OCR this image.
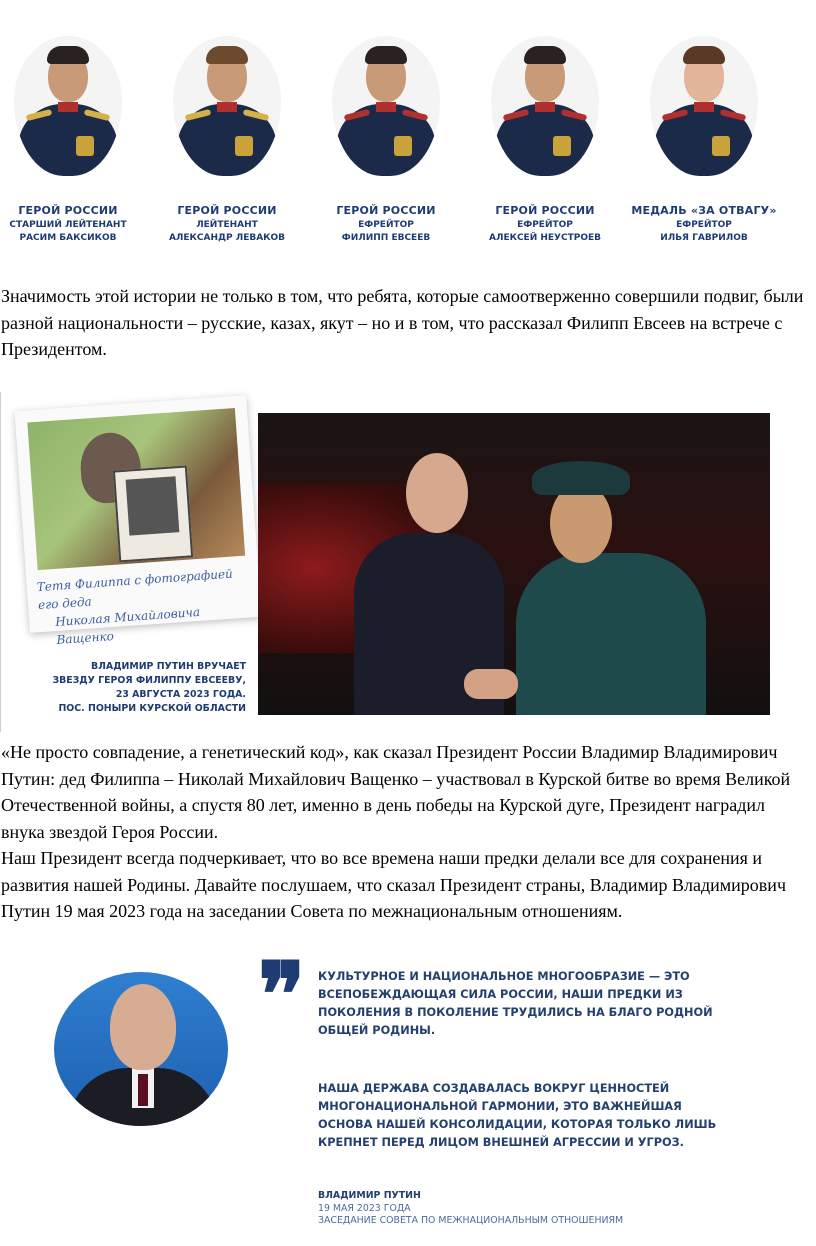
ГЕРОЙ РОССИИ
СТАРШИЙ ЛЕЙТЕНАНТ
РАСИМ БАКСИКОВ
ГЕРОЙ РОССИИ
ЛЕЙТЕНАНТ
АЛЕКСАНДР ЛЕВАКОВ
ГЕРОЙ РОССИИ
ЕФРЕЙТОР
ФИЛИПП ЕВСЕЕВ
ГЕРОЙ РОССИИ
ЕФРЕЙТОР
АЛЕКСЕЙ НЕУСТРОЕВ
МЕДАЛЬ «ЗА ОТВАГУ»
ЕФРЕЙТОР
ИЛЬЯ ГАВРИЛОВ

Значимость этой истории не только в том, что ребята, которые самоотверженно совершили подвиг, были разной национальности – русские, казах, якут – но и в том, что рассказал Филипп Евсеев на встрече с Президентом.

Тетя Филиппа с фотографией его деда
Николая Михайловича Ващенко
ВЛАДИМИР ПУТИН ВРУЧАЕТ
ЗВЕЗДУ ГЕРОЯ ФИЛИППУ ЕВСЕЕВУ,
23 АВГУСТА 2023 ГОДА.
ПОС. ПОНЫРИ КУРСКОЙ ОБЛАСТИ

«Не просто совпадение, а генетический код», как сказал Президент России Владимир Владимирович Путин: дед Филиппа – Николай Михайлович Ващенко – участвовал в Курской битве во время Великой Отечественной войны, а спустя 80 лет, именно в день победы на Курской дуге, Президент наградил внука звездой Героя России.

Наш Президент всегда подчеркивает, что во все времена наши предки делали все для сохранения и развития нашей Родины. Давайте послушаем, что сказал Президент страны, Владимир Владимирович Путин 19 мая 2023 года на заседании Совета по межнациональным отношениям.

❞ КУЛЬТУРНОЕ И НАЦИОНАЛЬНОЕ МНОГООБРАЗИЕ — ЭТО ВСЕПОБЕЖДАЮЩАЯ СИЛА РОССИИ, НАШИ ПРЕДКИ ИЗ ПОКОЛЕНИЯ В ПОКОЛЕНИЕ ТРУДИЛИСЬ НА БЛАГО РОДНОЙ ОБЩЕЙ РОДИНЫ.

НАША ДЕРЖАВА СОЗДАВАЛАСЬ ВОКРУГ ЦЕННОСТЕЙ МНОГОНАЦИОНАЛЬНОЙ ГАРМОНИИ, ЭТО ВАЖНЕЙШАЯ ОСНОВА НАШЕЙ КОНСОЛИДАЦИИ, КОТОРАЯ ТОЛЬКО ЛИШЬ КРЕПНЕТ ПЕРЕД ЛИЦОМ ВНЕШНЕЙ АГРЕССИИ И УГРОЗ.

ВЛАДИМИР ПУТИН

19 МАЯ 2023 ГОДА

ЗАСЕДАНИЕ СОВЕТА ПО МЕЖНАЦИОНАЛЬНЫМ ОТНОШЕНИЯМ
